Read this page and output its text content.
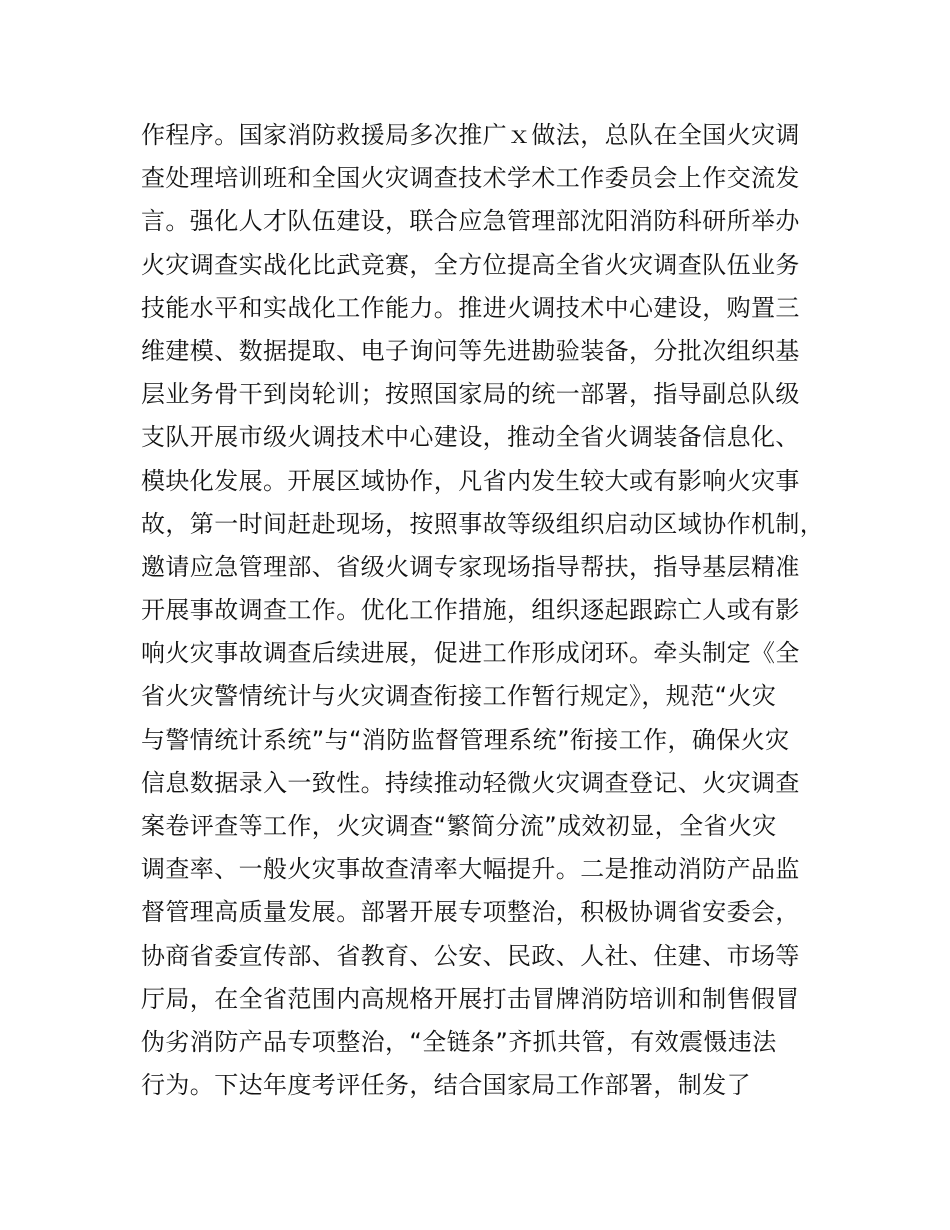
作程序。国家消防救援局多次推广ｘ做法，总队在全国火灾调
查处理培训班和全国火灾调查技术学术工作委员会上作交流发
言。强化人才队伍建设，联合应急管理部沈阳消防科研所举办
火灾调查实战化比武竞赛，全方位提高全省火灾调查队伍业务
技能水平和实战化工作能力。推进火调技术中心建设，购置三
维建模、数据提取、电子询问等先进勘验装备，分批次组织基
层业务骨干到岗轮训；按照国家局的统一部署，指导副总队级
支队开展市级火调技术中心建设，推动全省火调装备信息化、
模块化发展。开展区域协作，凡省内发生较大或有影响火灾事
故，第一时间赶赴现场，按照事故等级组织启动区域协作机制，
邀请应急管理部、省级火调专家现场指导帮扶，指导基层精准
开展事故调查工作。优化工作措施，组织逐起跟踪亡人或有影
响火灾事故调查后续进展，促进工作形成闭环。牵头制定《全
省火灾警情统计与火灾调查衔接工作暂行规定》，规范“火灾
与警情统计系统”与“消防监督管理系统”衔接工作，确保火灾
信息数据录入一致性。持续推动轻微火灾调查登记、火灾调查
案卷评查等工作，火灾调查“繁简分流”成效初显，全省火灾
调查率、一般火灾事故查清率大幅提升。二是推动消防产品监
督管理高质量发展。部署开展专项整治，积极协调省安委会，
协商省委宣传部、省教育、公安、民政、人社、住建、市场等
厅局，在全省范围内高规格开展打击冒牌消防培训和制售假冒
伪劣消防产品专项整治，“全链条”齐抓共管，有效震慑违法
行为。下达年度考评任务，结合国家局工作部署，制发了
